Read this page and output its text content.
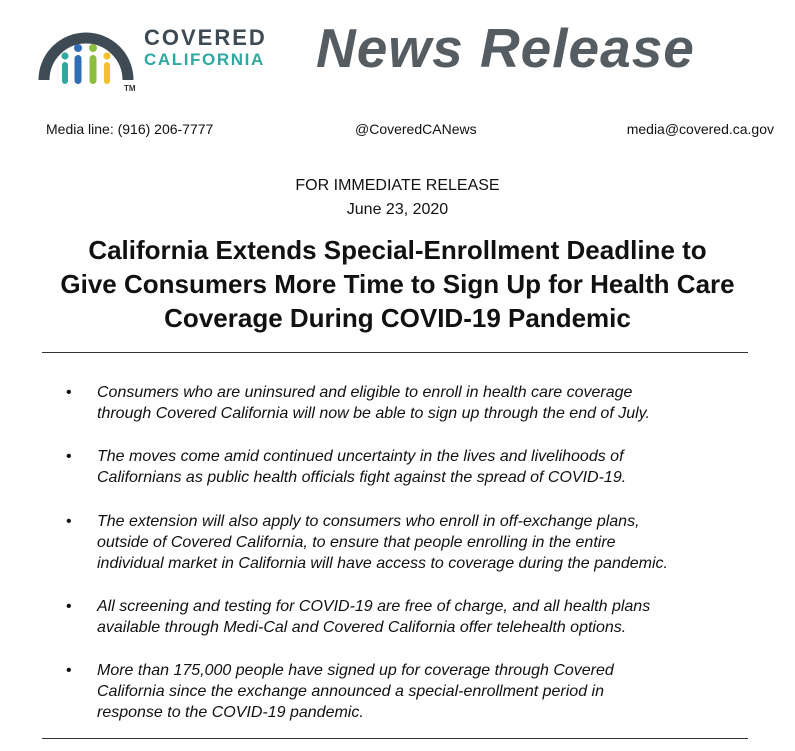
COVERED
CALIFORNIA
TM
News Release
Media line: (916) 206-7777	@CoveredCANews	media@covered.ca.gov
FOR IMMEDIATE RELEASE
June 23, 2020
California Extends Special-Enrollment Deadline to
Give Consumers More Time to Sign Up for Health Care
Coverage During COVID-19 Pandemic
• Consumers who are uninsured and eligible to enroll in health care coverage
through Covered California will now be able to sign up through the end of July.
• The moves come amid continued uncertainty in the lives and livelihoods of
Californians as public health officials fight against the spread of COVID-19.
• The extension will also apply to consumers who enroll in off-exchange plans,
outside of Covered California, to ensure that people enrolling in the entire
individual market in California will have access to coverage during the pandemic.
• All screening and testing for COVID-19 are free of charge, and all health plans
available through Medi-Cal and Covered California offer telehealth options.
• More than 175,000 people have signed up for coverage through Covered
California since the exchange announced a special-enrollment period in
response to the COVID-19 pandemic.
